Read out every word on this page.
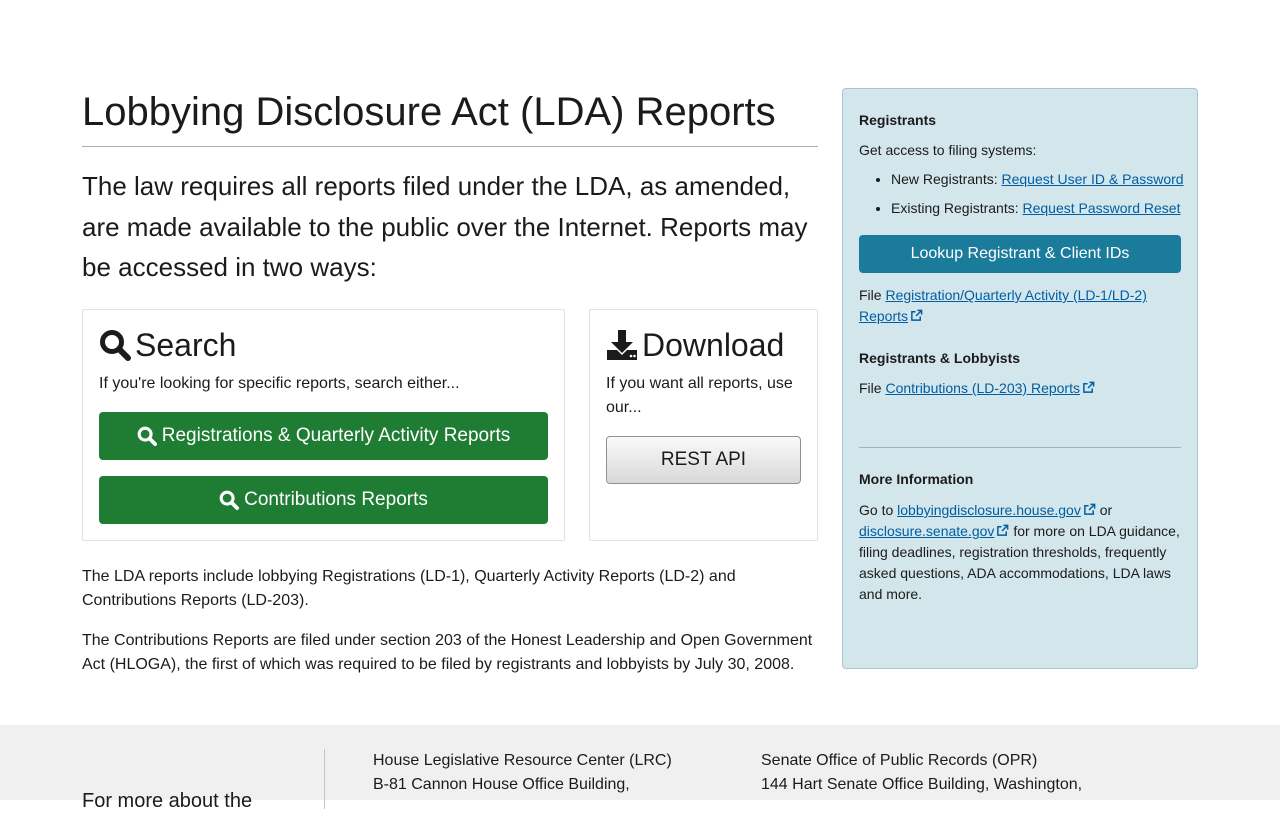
Lobbying Disclosure Act (LDA) Reports

The law requires all reports filed under the LDA, as amended, are made available to the public over the Internet. Reports may be accessed in two ways:

Search
If you're looking for specific reports, search either...
Registrations & Quarterly Activity Reports
Contributions Reports
Download
If you want all reports, use our...
REST API

The LDA reports include lobbying Registrations (LD-1), Quarterly Activity Reports (LD-2) and Contributions Reports (LD-203).

The Contributions Reports are filed under section 203 of the Honest Leadership and Open Government Act (HLOGA), the first of which was required to be filed by registrants and lobbyists by July 30, 2008.

Registrants
Get access to filing systems:
• New Registrants: Request User ID & Password
• Existing Registrants: Request Password Reset
Lookup Registrant & Client IDs
File Registration/Quarterly Activity (LD-1/LD-2) Reports
Registrants & Lobbyists
File Contributions (LD-203) Reports
More Information
Go to lobbyingdisclosure.house.gov or disclosure.senate.gov for more on LDA guidance, filing deadlines, registration thresholds, frequently asked questions, ADA accommodations, LDA laws and more.
For more about the
House Legislative Resource Center (LRC)
B-81 Cannon House Office Building,
Senate Office of Public Records (OPR)
144 Hart Senate Office Building, Washington,
